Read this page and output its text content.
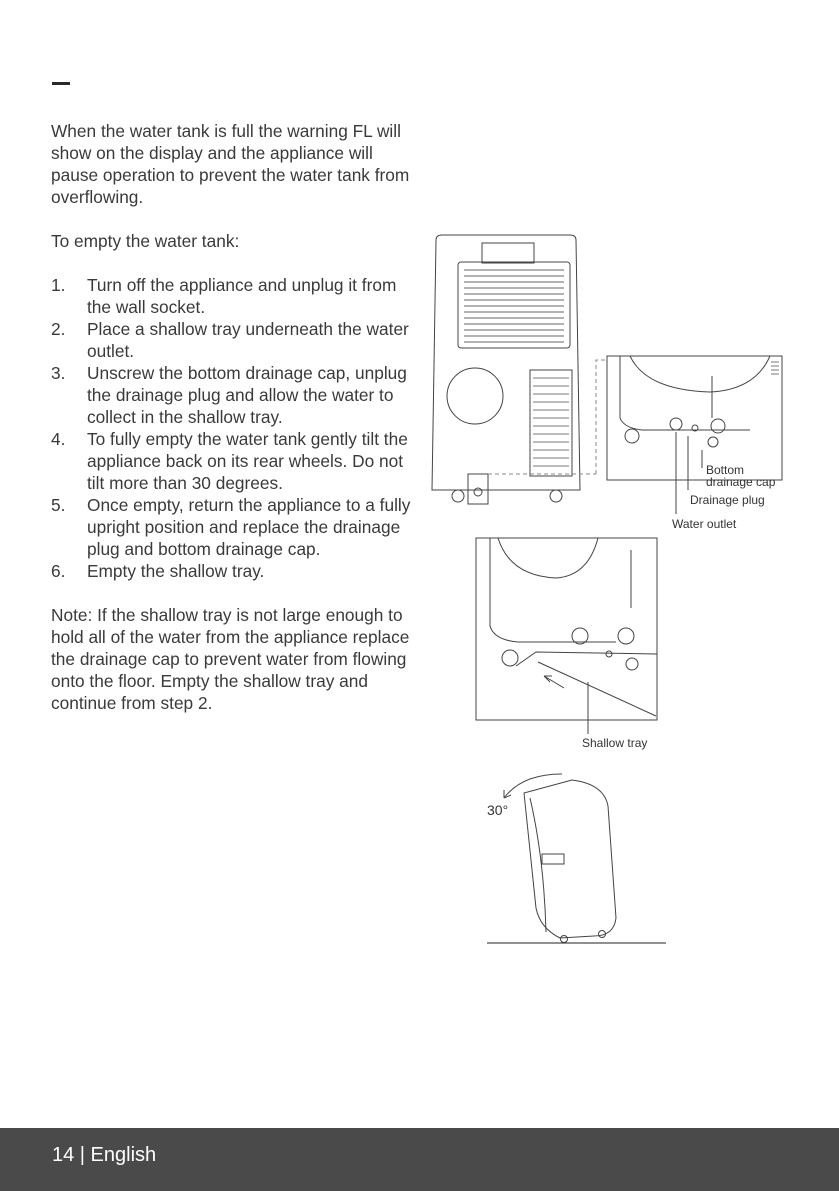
When the water tank is full the warning FL will show on the display and the appliance will pause operation to prevent the water tank from overflowing.

To empty the water tank:

1. Turn off the appliance and unplug it from the wall socket.
2. Place a shallow tray underneath the water outlet.
3. Unscrew the bottom drainage cap, unplug the drainage plug and allow the water to collect in the shallow tray.
4. To fully empty the water tank gently tilt the appliance back on its rear wheels. Do not tilt more than 30 degrees.
5. Once empty, return the appliance to a fully upright position and replace the drainage plug and bottom drainage cap.
6. Empty the shallow tray.

Note: If the shallow tray is not large enough to hold all of the water from the appliance replace the drainage cap to prevent water from flowing onto the floor. Empty the shallow tray and continue from step 2.

Bottom
drainage cap
Drainage plug
Water outlet
Shallow tray
30°
14 | English
